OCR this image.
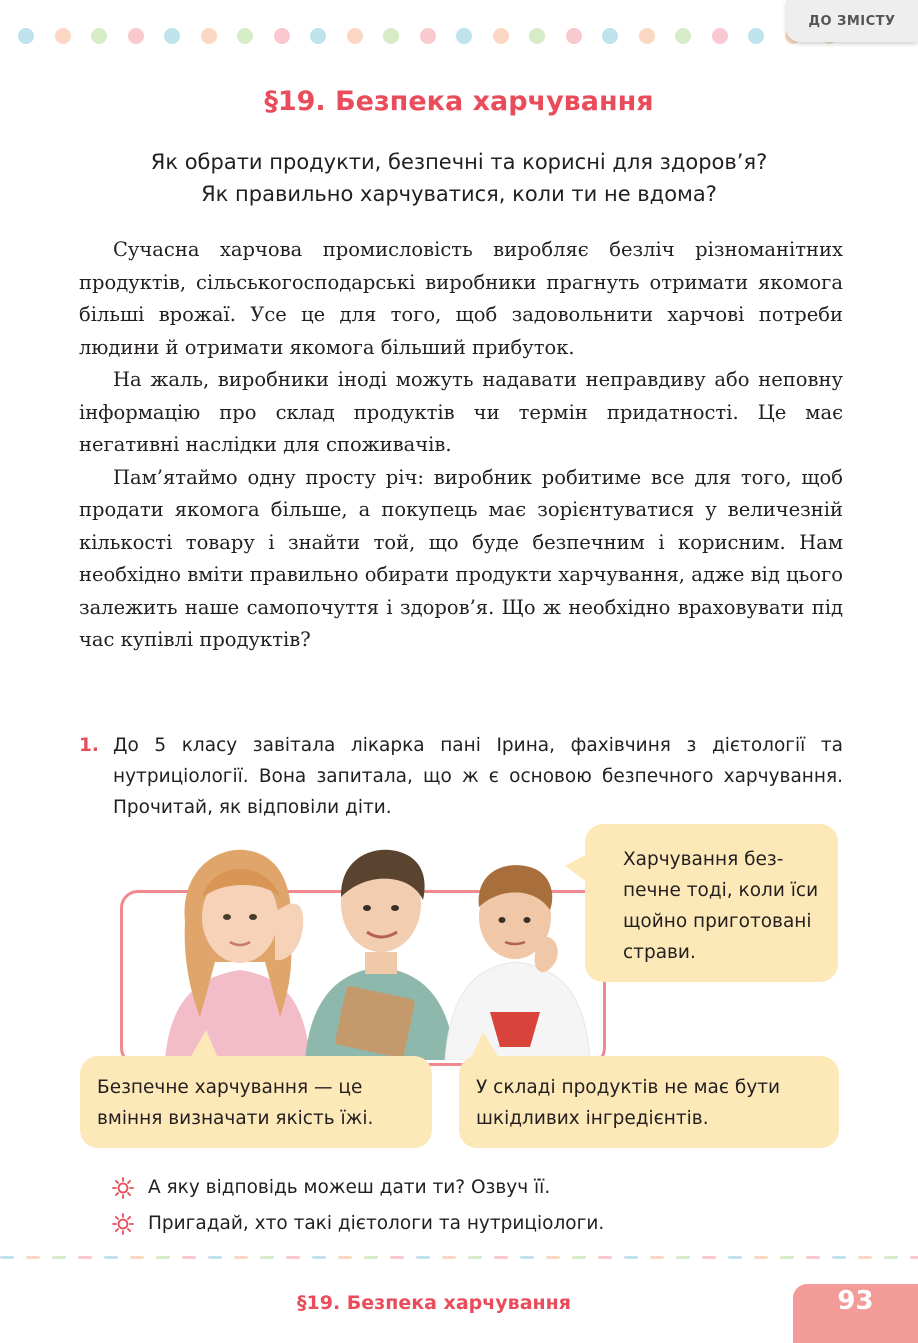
ДО ЗМІСТУ
§19. Безпека харчування
Як обрати продукти, безпечні та корисні для здоров’я?
Як правильно харчуватися, коли ти не вдома?

Сучасна харчова промисловість виробляє безліч різноманітних продуктів, сільськогосподарські виробники прагнуть отримати якомога більші врожаї. Усе це для того, щоб задовольнити харчові потреби людини й отримати якомога більший прибуток.

На жаль, виробники іноді можуть надавати неправдиву або неповну інформацію про склад продуктів чи термін придатності. Це має негативні наслідки для споживачів.

Пам’ятаймо одну просту річ: виробник робитиме все для того, щоб продати якомога більше, а покупець має зорієнтуватися у величезній кількості товару і знайти той, що буде безпечним і корисним. Нам необхідно вміти правильно обирати продукти харчування, адже від цього залежить наше самопочуття і здоров’я. Що ж необхідно враховувати під час купівлі продуктів?

1. До 5 класу завітала лікарка пані Ірина, фахівчиня з дієтології та нутриціології. Вона запитала, що ж є основою безпечного харчування. Прочитай, як відповіли діти.
Харчування безпечне тоді, коли їси щойно приготовані страви.
Безпечне харчування — це вміння визначати якість їжі.
У складі продуктів не має бути шкідливих інгредієнтів.
А яку відповідь можеш дати ти? Озвуч її.
Пригадай, хто такі дієтологи та нутриціологи.
§19. Безпека харчування	93
